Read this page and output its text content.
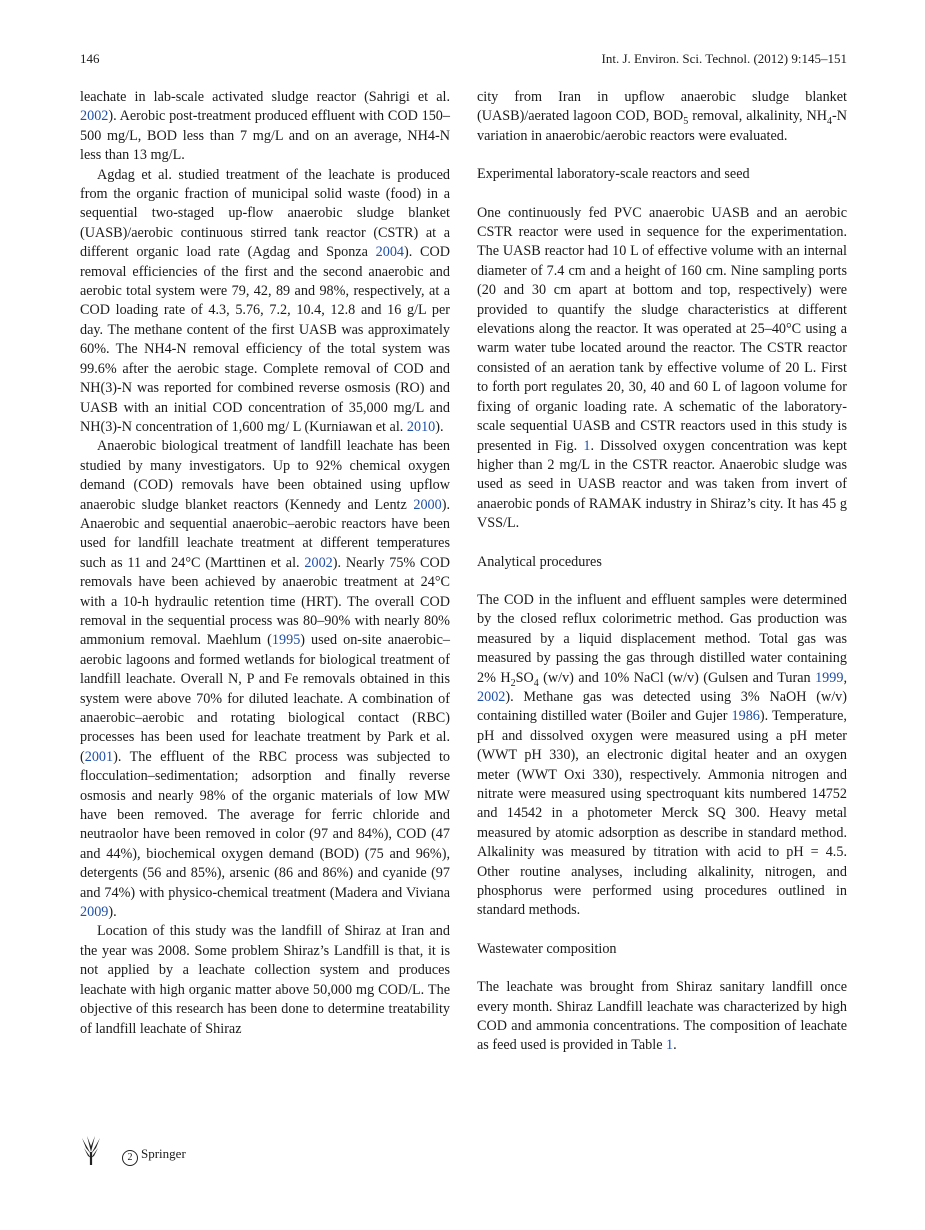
146	Int. J. Environ. Sci. Technol. (2012) 9:145–151

leachate in lab-scale activated sludge reactor (Sahrigi et al. 2002). Aerobic post-treatment produced effluent with COD 150–500 mg/L, BOD less than 7 mg/L and on an average, NH4-N less than 13 mg/L.

Agdag et al. studied treatment of the leachate is produced from the organic fraction of municipal solid waste (food) in a sequential two-staged up-flow anaerobic sludge blanket (UASB)/aerobic continuous stirred tank reactor (CSTR) at a different organic load rate (Agdag and Sponza 2004). COD removal efficiencies of the first and the second anaerobic and aerobic total system were 79, 42, 89 and 98%, respectively, at a COD loading rate of 4.3, 5.76, 7.2, 10.4, 12.8 and 16 g/L per day. The methane content of the first UASB was approximately 60%. The NH4-N removal efficiency of the total system was 99.6% after the aerobic stage. Complete removal of COD and NH(3)-N was reported for combined reverse osmosis (RO) and UASB with an initial COD concentration of 35,000 mg/L and NH(3)-N concentration of 1,600 mg/ L (Kurniawan et al. 2010).

Anaerobic biological treatment of landfill leachate has been studied by many investigators. Up to 92% chemical oxygen demand (COD) removals have been obtained using upflow anaerobic sludge blanket reactors (Kennedy and Lentz 2000). Anaerobic and sequential anaerobic–aerobic reactors have been used for landfill leachate treatment at different temperatures such as 11 and 24°C (Marttinen et al. 2002). Nearly 75% COD removals have been achieved by anaerobic treatment at 24°C with a 10-h hydraulic retention time (HRT). The overall COD removal in the sequential process was 80–90% with nearly 80% ammonium removal. Maehlum (1995) used on-site anaerobic–aerobic lagoons and formed wetlands for biological treatment of landfill leachate. Overall N, P and Fe removals obtained in this system were above 70% for diluted leachate. A combination of anaerobic–aerobic and rotating biological contact (RBC) processes has been used for leachate treatment by Park et al. (2001). The effluent of the RBC process was subjected to flocculation–sedimentation; adsorption and finally reverse osmosis and nearly 98% of the organic materials of low MW have been removed. The average for ferric chloride and neutraolor have been removed in color (97 and 84%), COD (47 and 44%), biochemical oxygen demand (BOD) (75 and 96%), detergents (56 and 85%), arsenic (86 and 86%) and cyanide (97 and 74%) with physico-chemical treatment (Madera and Viviana 2009).

Location of this study was the landfill of Shiraz at Iran and the year was 2008. Some problem Shiraz’s Landfill is that, it is not applied by a leachate collection system and produces leachate with high organic matter above 50,000 mg COD/L. The objective of this research has been done to determine treatability of landfill leachate of Shiraz

city from Iran in upflow anaerobic sludge blanket (UASB)/aerated lagoon COD, $BOD_5$ removal, alkalinity, $NH_4-N$ variation in anaerobic/aerobic reactors were evaluated.

Experimental laboratory-scale reactors and seed

One continuously fed PVC anaerobic UASB and an aerobic CSTR reactor were used in sequence for the experimentation. The UASB reactor had 10 L of effective volume with an internal diameter of 7.4 cm and a height of 160 cm. Nine sampling ports (20 and 30 cm apart at bottom and top, respectively) were provided to quantify the sludge characteristics at different elevations along the reactor. It was operated at 25–40°C using a warm water tube located around the reactor. The CSTR reactor consisted of an aeration tank by effective volume of 20 L. First to forth port regulates 20, 30, 40 and 60 L of lagoon volume for fixing of organic loading rate. A schematic of the laboratory-scale sequential UASB and CSTR reactors used in this study is presented in Fig. 1. Dissolved oxygen concentration was kept higher than 2 mg/L in the CSTR reactor. Anaerobic sludge was used as seed in UASB reactor and was taken from invert of anaerobic ponds of RAMAK industry in Shiraz’s city. It has 45 g VSS/L.

Analytical procedures

The COD in the influent and effluent samples were determined by the closed reflux colorimetric method. Gas production was measured by a liquid displacement method. Total gas was measured by passing the gas through distilled water containing 2% $H_2SO_4$ (w/v) and 10% NaCl (w/v) (Gulsen and Turan 1999, 2002). Methane gas was detected using 3% NaOH (w/v) containing distilled water (Boiler and Gujer 1986). Temperature, pH and dissolved oxygen were measured using a pH meter (WWT pH 330), an electronic digital heater and an oxygen meter (WWT Oxi 330), respectively. Ammonia nitrogen and nitrate were measured using spectroquant kits numbered 14752 and 14542 in a photometer Merck SQ 300. Heavy metal measured by atomic adsorption as describe in standard method. Alkalinity was measured by titration with acid to pH = 4.5. Other routine analyses, including alkalinity, nitrogen, and phosphorus were performed using procedures outlined in standard methods.

Wastewater composition

The leachate was brought from Shiraz sanitary landfill once every month. Shiraz Landfill leachate was characterized by high COD and ammonia concentrations. The composition of leachate as feed used is provided in Table 1.

2 Springer
